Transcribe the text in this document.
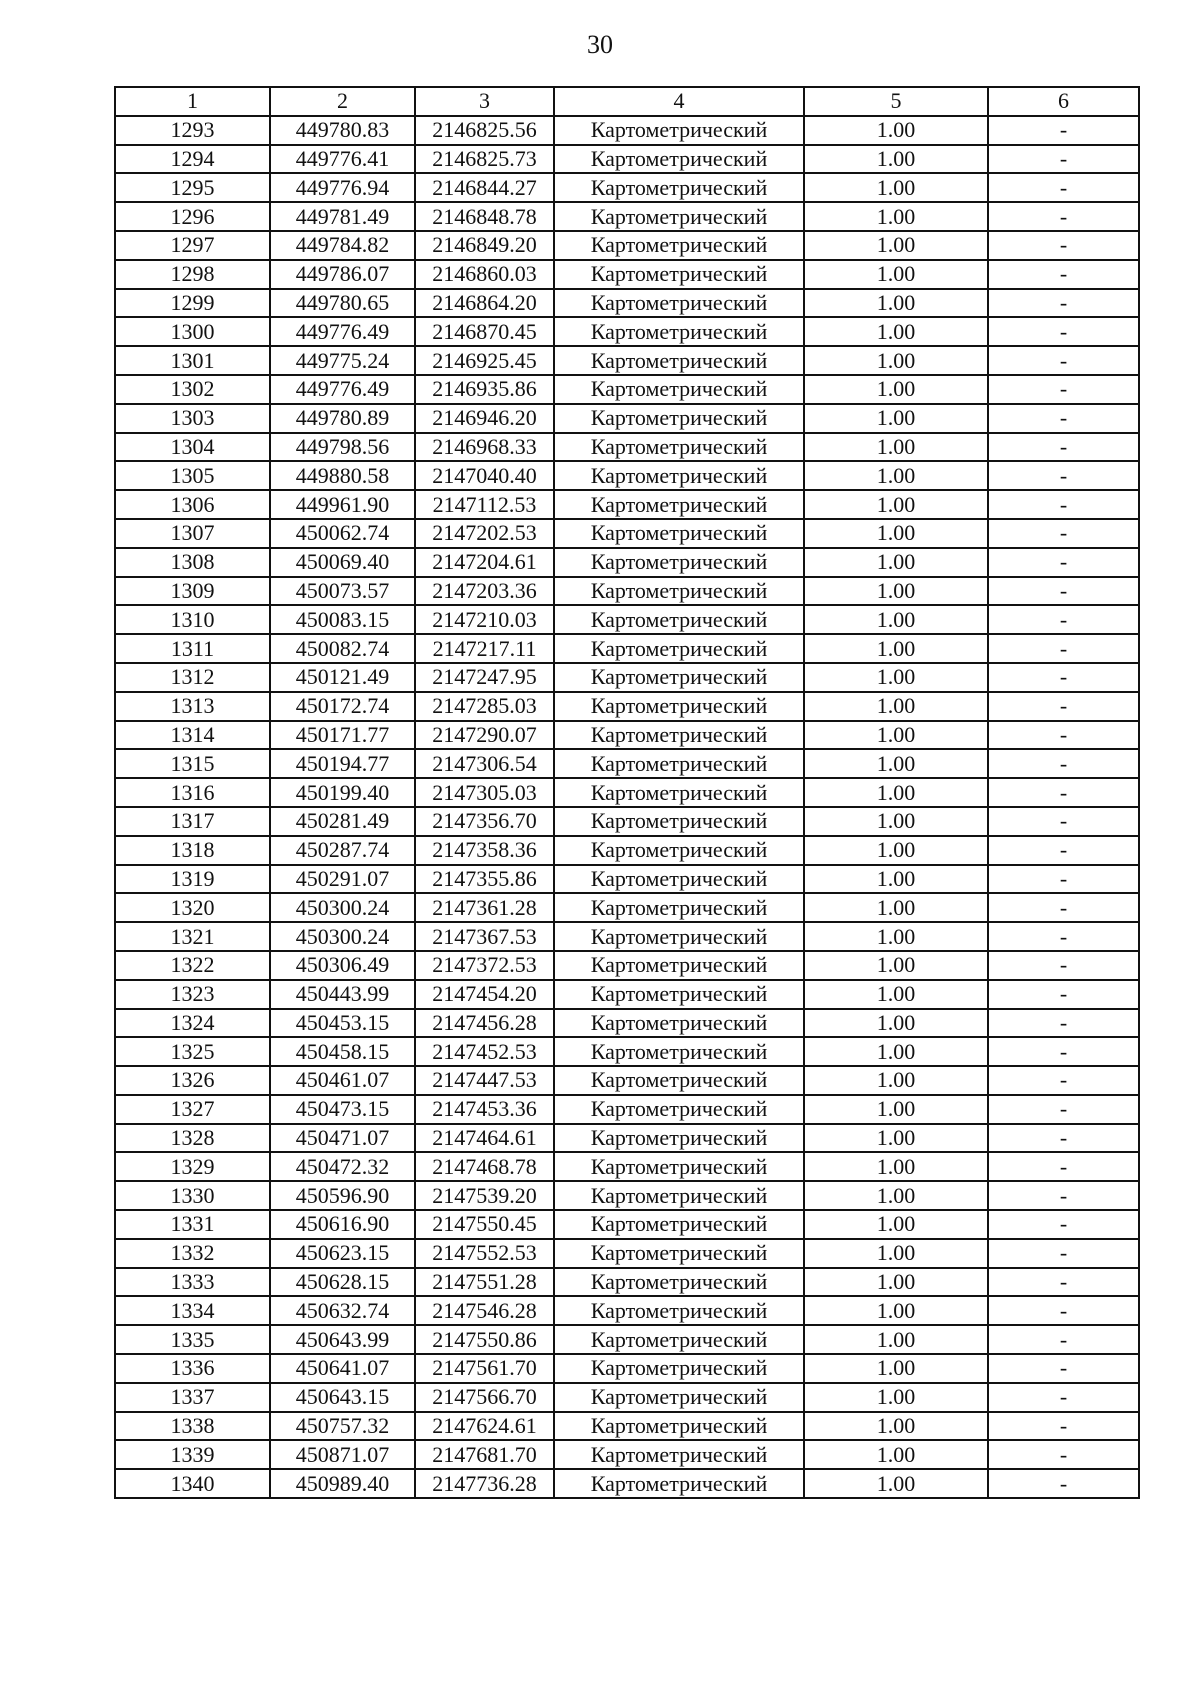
30
1	2	3	4	5	6
1293	449780.83	2146825.56	Картометрический	1.00	-
1294	449776.41	2146825.73	Картометрический	1.00	-
1295	449776.94	2146844.27	Картометрический	1.00	-
1296	449781.49	2146848.78	Картометрический	1.00	-
1297	449784.82	2146849.20	Картометрический	1.00	-
1298	449786.07	2146860.03	Картометрический	1.00	-
1299	449780.65	2146864.20	Картометрический	1.00	-
1300	449776.49	2146870.45	Картометрический	1.00	-
1301	449775.24	2146925.45	Картометрический	1.00	-
1302	449776.49	2146935.86	Картометрический	1.00	-
1303	449780.89	2146946.20	Картометрический	1.00	-
1304	449798.56	2146968.33	Картометрический	1.00	-
1305	449880.58	2147040.40	Картометрический	1.00	-
1306	449961.90	2147112.53	Картометрический	1.00	-
1307	450062.74	2147202.53	Картометрический	1.00	-
1308	450069.40	2147204.61	Картометрический	1.00	-
1309	450073.57	2147203.36	Картометрический	1.00	-
1310	450083.15	2147210.03	Картометрический	1.00	-
1311	450082.74	2147217.11	Картометрический	1.00	-
1312	450121.49	2147247.95	Картометрический	1.00	-
1313	450172.74	2147285.03	Картометрический	1.00	-
1314	450171.77	2147290.07	Картометрический	1.00	-
1315	450194.77	2147306.54	Картометрический	1.00	-
1316	450199.40	2147305.03	Картометрический	1.00	-
1317	450281.49	2147356.70	Картометрический	1.00	-
1318	450287.74	2147358.36	Картометрический	1.00	-
1319	450291.07	2147355.86	Картометрический	1.00	-
1320	450300.24	2147361.28	Картометрический	1.00	-
1321	450300.24	2147367.53	Картометрический	1.00	-
1322	450306.49	2147372.53	Картометрический	1.00	-
1323	450443.99	2147454.20	Картометрический	1.00	-
1324	450453.15	2147456.28	Картометрический	1.00	-
1325	450458.15	2147452.53	Картометрический	1.00	-
1326	450461.07	2147447.53	Картометрический	1.00	-
1327	450473.15	2147453.36	Картометрический	1.00	-
1328	450471.07	2147464.61	Картометрический	1.00	-
1329	450472.32	2147468.78	Картометрический	1.00	-
1330	450596.90	2147539.20	Картометрический	1.00	-
1331	450616.90	2147550.45	Картометрический	1.00	-
1332	450623.15	2147552.53	Картометрический	1.00	-
1333	450628.15	2147551.28	Картометрический	1.00	-
1334	450632.74	2147546.28	Картометрический	1.00	-
1335	450643.99	2147550.86	Картометрический	1.00	-
1336	450641.07	2147561.70	Картометрический	1.00	-
1337	450643.15	2147566.70	Картометрический	1.00	-
1338	450757.32	2147624.61	Картометрический	1.00	-
1339	450871.07	2147681.70	Картометрический	1.00	-
1340	450989.40	2147736.28	Картометрический	1.00	-
